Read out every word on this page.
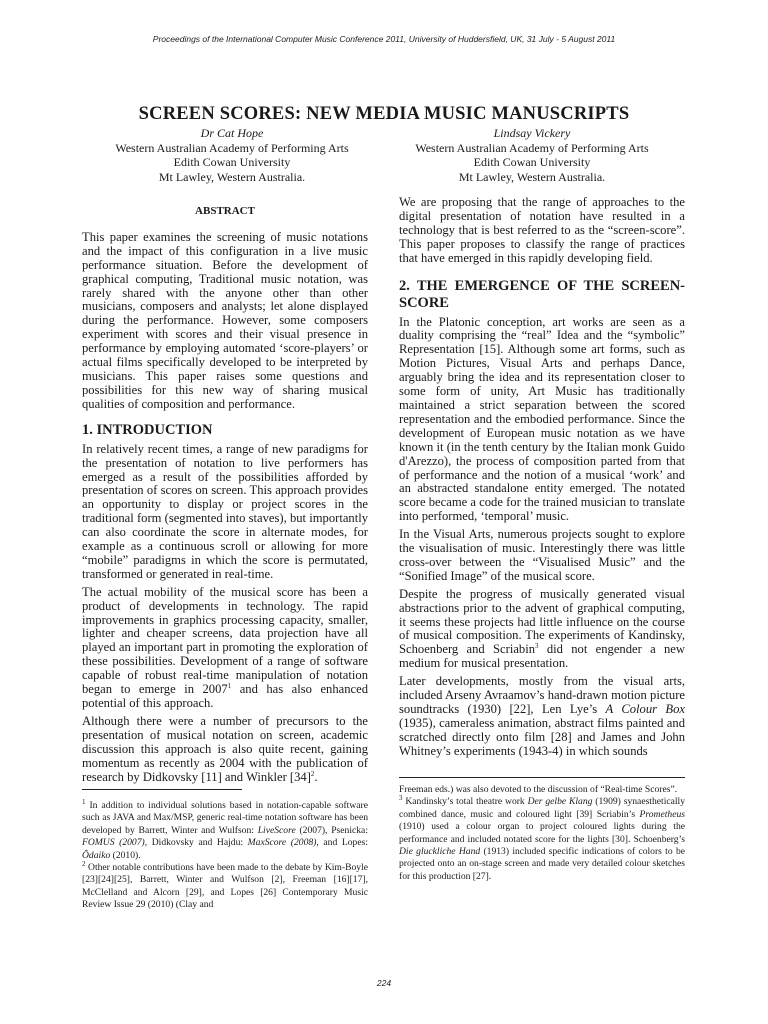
Proceedings of the International Computer Music Conference 2011, University of Huddersfield, UK, 31 July - 5 August 2011
SCREEN SCORES: NEW MEDIA MUSIC MANUSCRIPTS
Dr Cat Hope
Western Australian Academy of Performing Arts
Edith Cowan University
Mt Lawley, Western Australia.
Lindsay Vickery
Western Australian Academy of Performing Arts
Edith Cowan University
Mt Lawley, Western Australia.
ABSTRACT

This paper examines the screening of music notations and the impact of this configuration in a live music performance situation. Before the development of graphical computing, Traditional music notation, was rarely shared with the anyone other than other musicians, composers and analysts; let alone displayed during the performance. However, some composers experiment with scores and their visual presence in performance by employing automated ‘score-players’ or actual films specifically developed to be interpreted by musicians. This paper raises some questions and possibilities for this new way of sharing musical qualities of composition and performance.

1. INTRODUCTION

In relatively recent times, a range of new paradigms for the presentation of notation to live performers has emerged as a result of the possibilities afforded by presentation of scores on screen. This approach provides an opportunity to display or project scores in the traditional form (segmented into staves), but importantly can also coordinate the score in alternate modes, for example as a continuous scroll or allowing for more “mobile” paradigms in which the score is permutated, transformed or generated in real-time.

The actual mobility of the musical score has been a product of developments in technology. The rapid improvements in graphics processing capacity, smaller, lighter and cheaper screens, data projection have all played an important part in promoting the exploration of these possibilities. Development of a range of software capable of robust real-time manipulation of notation began to emerge in 2007$^1$ and has also enhanced potential of this approach.

Although there were a number of precursors to the presentation of musical notation on screen, academic discussion this approach is also quite recent, gaining momentum as recently as 2004 with the publication of research by Didkovsky [11] and Winkler $[34]^2$.

We are proposing that the range of approaches to the digital presentation of notation have resulted in a technology that is best referred to as the “screen-score”. This paper proposes to classify the range of practices that have emerged in this rapidly developing field.

2. THE EMERGENCE OF THE SCREEN-SCORE

In the Platonic conception, art works are seen as a duality comprising the “real” Idea and the “symbolic” Representation [15]. Although some art forms, such as Motion Pictures, Visual Arts and perhaps Dance, arguably bring the idea and its representation closer to some form of unity, Art Music has traditionally maintained a strict separation between the scored representation and the embodied performance. Since the development of European music notation as we have known it (in the tenth century by the Italian monk Guido d'Arezzo), the process of composition parted from that of performance and the notion of a musical ‘work’ and an abstracted standalone entity emerged. The notated score became a code for the trained musician to translate into performed, ‘temporal’ music.

In the Visual Arts, numerous projects sought to explore the visualisation of music. Interestingly there was little cross-over between the “Visualised Music” and the “Sonified Image” of the musical score.

Despite the progress of musically generated visual abstractions prior to the advent of graphical computing, it seems these projects had little influence on the course of musical composition. The experiments of Kandinsky, Schoenberg and Scriabin$^3$ did not engender a new medium for musical presentation.

Later developments, mostly from the visual arts, included Arseny Avraamov’s hand-drawn motion picture soundtracks (1930) [22], Len Lye’s A Colour Box (1935), cameraless animation, abstract films painted and scratched directly onto film [28] and James and John Whitney’s experiments (1943-4) in which sounds

$^1$ In addition to individual solutions based in notation-capable software such as JAVA and Max/MSP, generic real-time notation software has been developed by Barrett, Winter and Wulfson: LiveScore (2007), Psenicka: FOMUS (2007), Didkovsky and Hajdu: MaxScore (2008), and Lopes: Ôdaiko (2010).

$^2$ Other notable contributions have been made to the debate by Kim-Boyle [23][24][25], Barrett, Winter and Wulfson [2], Freeman [16][17], McClelland and Alcorn [29], and Lopes [26] Contemporary Music Review Issue 29 (2010) (Clay and

Freeman eds.) was also devoted to the discussion of “Real-time Scores”.

$^3$ Kandinsky’s total theatre work Der gelbe Klang (1909) synaesthetically combined dance, music and coloured light [39] Scriabin’s Prometheus (1910) used a colour organ to project coloured lights during the performance and included notated score for the lights [30]. Schoenberg’s Die gluckliche Hand (1913) included specific indications of colors to be projected onto an on-stage screen and made very detailed colour sketches for this production [27].

224
